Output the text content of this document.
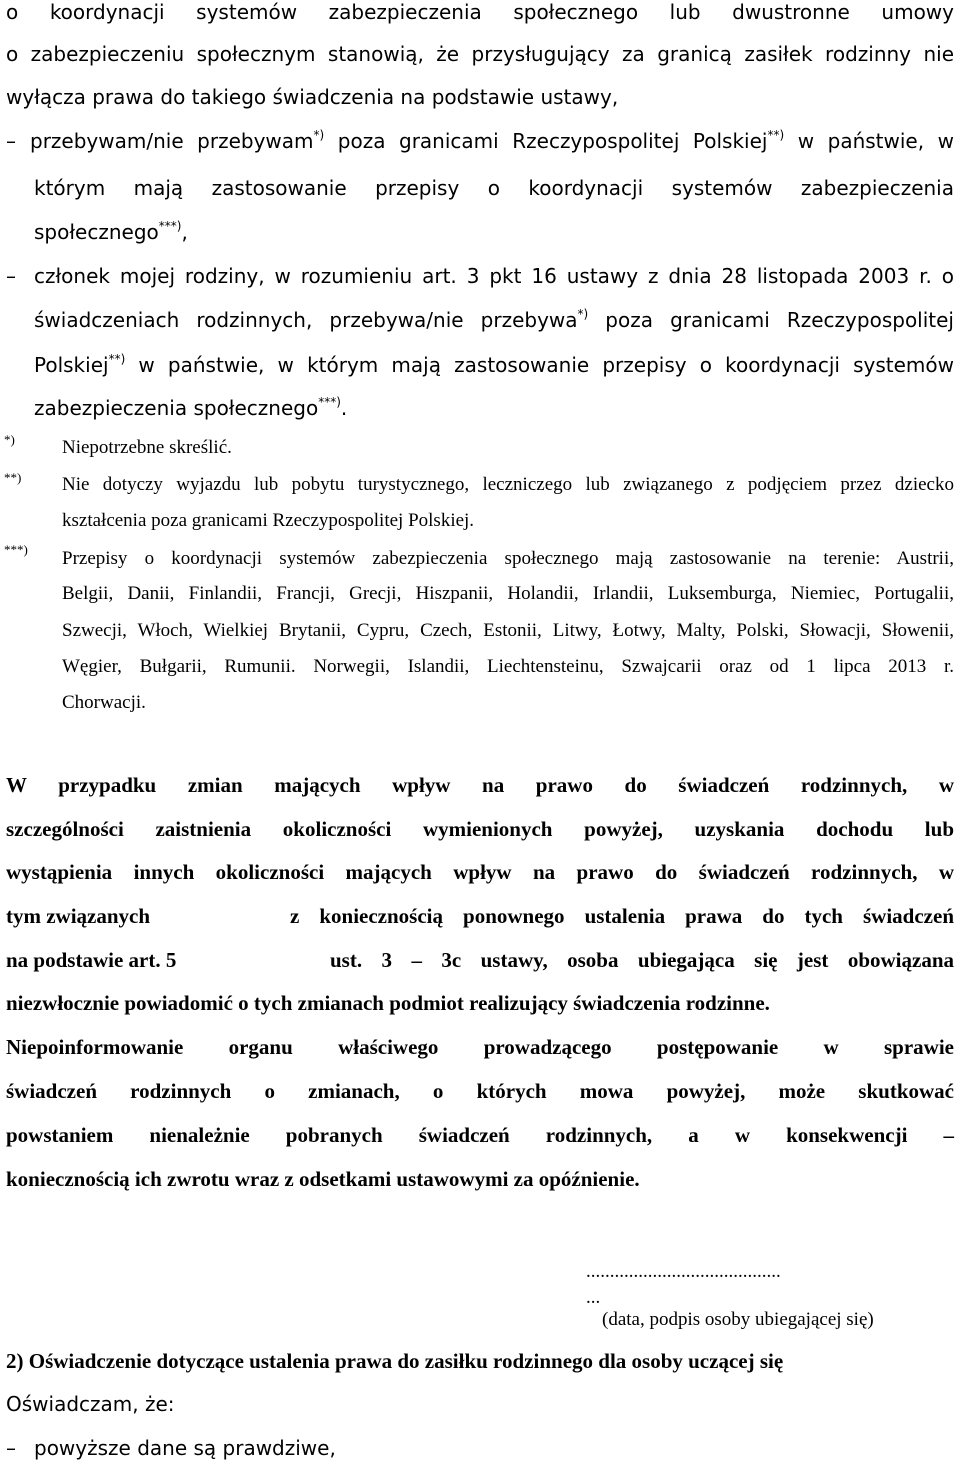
o koordynacji systemów zabezpieczenia społecznego lub dwustronne umowy
o zabezpieczeniu społecznym stanowią, że przysługujący za granicą zasiłek rodzinny nie
wyłącza prawa do takiego świadczenia na podstawie ustawy,
– przebywam/nie przebywam*) poza granicami Rzeczypospolitej Polskiej**) w państwie, w
którym mają zastosowanie przepisy o koordynacji systemów zabezpieczenia
społecznego***),
– członek mojej rodziny, w rozumieniu art. 3 pkt 16 ustawy z dnia 28 listopada 2003 r. o
świadczeniach rodzinnych, przebywa/nie przebywa*) poza granicami Rzeczypospolitej
Polskiej**) w państwie, w którym mają zastosowanie przepisy o koordynacji systemów
zabezpieczenia społecznego***).
*) Niepotrzebne skreślić.
**) Nie dotyczy wyjazdu lub pobytu turystycznego, leczniczego lub związanego z podjęciem przez dziecko
kształcenia poza granicami Rzeczypospolitej Polskiej.
***) Przepisy o koordynacji systemów zabezpieczenia społecznego mają zastosowanie na terenie: Austrii,
Belgii, Danii, Finlandii, Francji, Grecji, Hiszpanii, Holandii, Irlandii, Luksemburga, Niemiec, Portugalii,
Szwecji, Włoch, Wielkiej Brytanii, Cypru, Czech, Estonii, Litwy, Łotwy, Malty, Polski, Słowacji, Słowenii,
Węgier, Bułgarii, Rumunii. Norwegii, Islandii, Liechtensteinu, Szwajcarii oraz od 1 lipca 2013 r.
Chorwacji.
W przypadku zmian mających wpływ na prawo do świadczeń rodzinnych, w
szczególności zaistnienia okoliczności wymienionych powyżej, uzyskania dochodu lub
wystąpienia innych okoliczności mających wpływ na prawo do świadczeń rodzinnych, w
tym związanych	z koniecznością ponownego ustalenia prawa do tych świadczeń
na podstawie art. 5	ust. 3 – 3c ustawy, osoba ubiegająca się jest obowiązana
niezwłocznie powiadomić o tych zmianach podmiot realizujący świadczenia rodzinne.
Niepoinformowanie organu właściwego prowadzącego postępowanie w sprawie
świadczeń rodzinnych o zmianach, o których mowa powyżej, może skutkować
powstaniem nienależnie pobranych świadczeń rodzinnych, a w konsekwencji –
koniecznością ich zwrotu wraz z odsetkami ustawowymi za opóźnienie.
.........................................
...
(data, podpis osoby ubiegającej się)
2) Oświadczenie dotyczące ustalenia prawa do zasiłku rodzinnego dla osoby uczącej się
Oświadczam, że:
– powyższe dane są prawdziwe,
